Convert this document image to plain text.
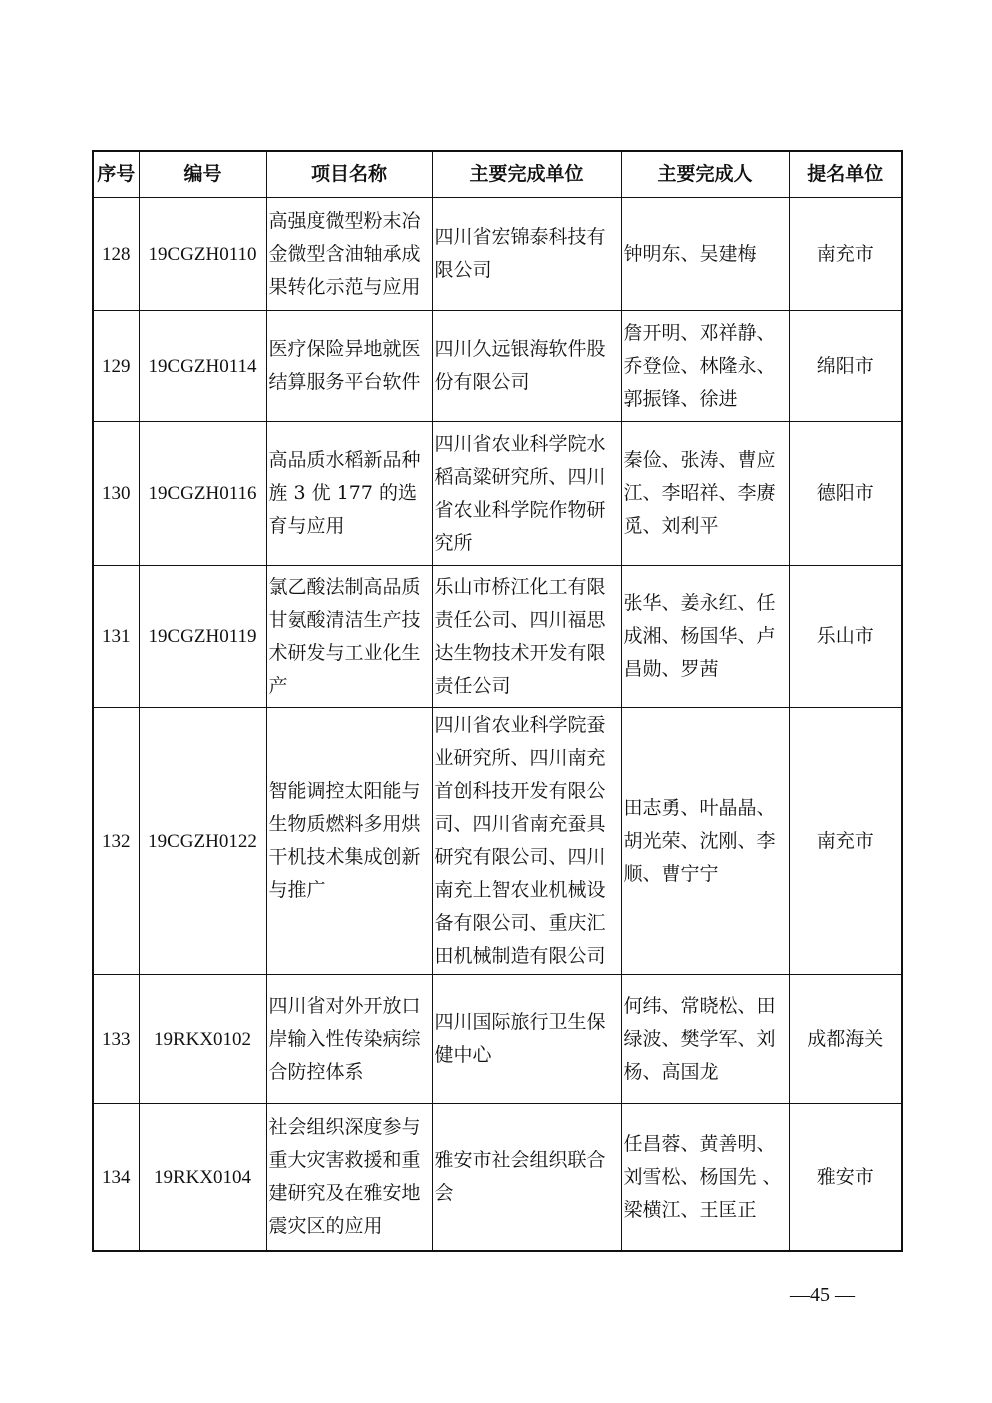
序号	编号	项目名称	主要完成单位	主要完成人	提名单位
128	19CGZH0110	高强度微型粉末冶金微型含油轴承成果转化示范与应用	四川省宏锦泰科技有限公司	钟明东、吴建梅	南充市
129	19CGZH0114	医疗保险异地就医结算服务平台软件	四川久远银海软件股份有限公司	詹开明、邓祥静、乔登俭、林隆永、郭振锋、徐进	绵阳市
130	19CGZH0116	高品质水稻新品种旌 3 优 177 的选育与应用	四川省农业科学院水稻高粱研究所、四川省农业科学院作物研究所	秦俭、张涛、曹应江、李昭祥、李赓觅、刘利平	德阳市
131	19CGZH0119	氯乙酸法制高品质甘氨酸清洁生产技术研发与工业化生产	乐山市桥江化工有限责任公司、四川福思达生物技术开发有限责任公司	张华、姜永红、任成湘、杨国华、卢昌勋、罗茜	乐山市
132	19CGZH0122	智能调控太阳能与生物质燃料多用烘干机技术集成创新与推广	四川省农业科学院蚕业研究所、四川南充首创科技开发有限公司、四川省南充蚕具研究有限公司、四川南充上智农业机械设备有限公司、重庆汇田机械制造有限公司	田志勇、叶晶晶、胡光荣、沈刚、李顺、曹宁宁	南充市
133	19RKX0102	四川省对外开放口岸输入性传染病综合防控体系	四川国际旅行卫生保健中心	何纬、常晓松、田绿波、樊学军、刘杨、高国龙	成都海关
134	19RKX0104	社会组织深度参与重大灾害救援和重建研究及在雅安地震灾区的应用	雅安市社会组织联合会	任昌蓉、黄善明、刘雪松、杨国先 、梁横江、王匡正	雅安市
—45 —
